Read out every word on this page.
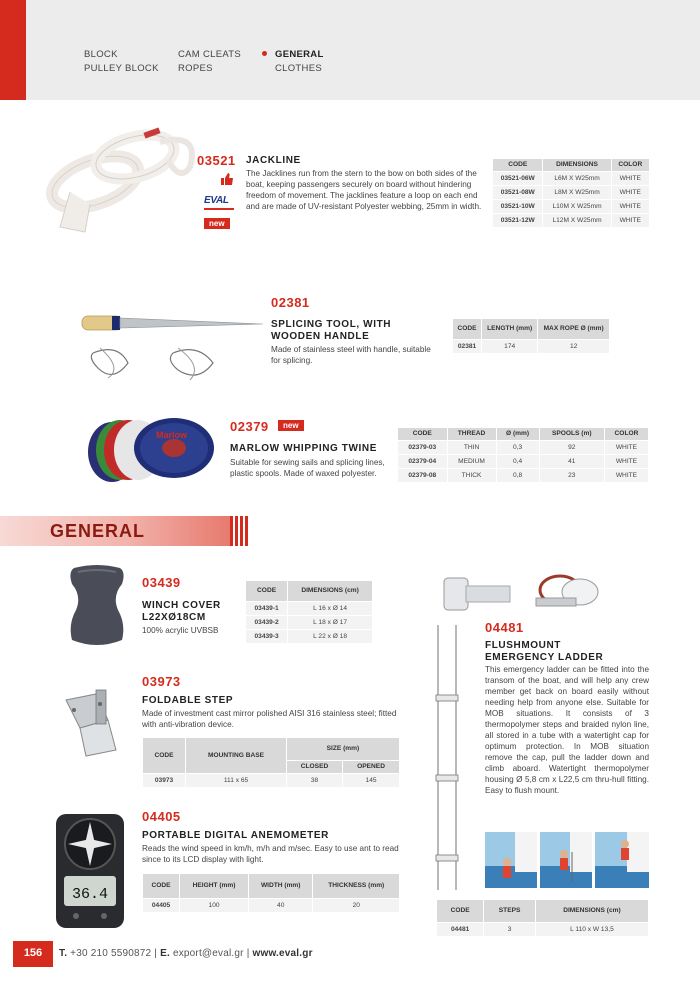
BLOCK
PULLEY BLOCK
CAM CLEATS
ROPES
GENERAL
CLOTHES
03521
EVAL
new
JACKLINE
The Jacklines run from the stern to the bow on both sides of the boat, keeping passengers securely on board without hindering freedom of movement. The jacklines feature a loop on each end and are made of UV-resistant Polyester webbing, 25mm in width.
CODE	DIMENSIONS	COLOR
03521-06W	L6M X W25mm	WHITE
03521-08W	L8M X W25mm	WHITE
03521-10W	L10M X W25mm	WHITE
03521-12W	L12M X W25mm	WHITE
02381
SPLICING TOOL, WITH
WOODEN HANDLE
Made of stainless steel with handle, suitable for splicing.
CODE	LENGTH (mm)	MAX ROPE Ø (mm)
02381	174	12
Marlow
02379	new
MARLOW WHIPPING TWINE
Suitable for sewing sails and splicing lines, plastic spools. Made of waxed polyester.
CODE	THREAD	Ø (mm)	SPOOLS (m)	COLOR
02379-03	THIN	0,3	92	WHITE
02379-04	MEDIUM	0,4	41	WHITE
02379-08	THICK	0,8	23	WHITE
GENERAL
03439
WINCH COVER
L22XØ18CM
100% acrylic UVBSB
CODE	DIMENSIONS (cm)
03439-1	L 16 x Ø 14
03439-2	L 18 x Ø 17
03439-3	L 22 x Ø 18
03973
FOLDABLE STEP
Made of investment cast mirror polished AISI 316 stainless steel; fitted with anti-vibration device.
CODE	MOUNTING BASE	SIZE (mm)	
		CLOSED	OPENED
03973	111 x 65	38	145
36.4
04405
PORTABLE DIGITAL ANEMOMETER
Reads the wind speed in km/h, m/h and m/sec. Easy to use ant to read since to its LCD display with light.
CODE	HEIGHT (mm)	WIDTH (mm)	THICKNESS (mm)
04405	100	40	20
04481
FLUSHMOUNT
EMERGENCY LADDER
This emergency ladder can be fitted into the transom of the boat, and will help any crew member get back on board easily without needing help from anyone else. Suitable for MOB situations. It consists of 3 thermopolymer steps and braided nylon line, all stored in a tube with a watertight cap for optimum protection. In MOB situation remove the cap, pull the ladder down and climb aboard. Watertight thermopolymer housing Ø 5,8 cm x L22,5 cm thru-hull fitting. Easy to flush mount.
CODE	STEPS	DIMENSIONS (cm)
04481	3	L 110 x W 13,5
156	T. +30 210 5590872 | E. export@eval.gr | www.eval.gr
